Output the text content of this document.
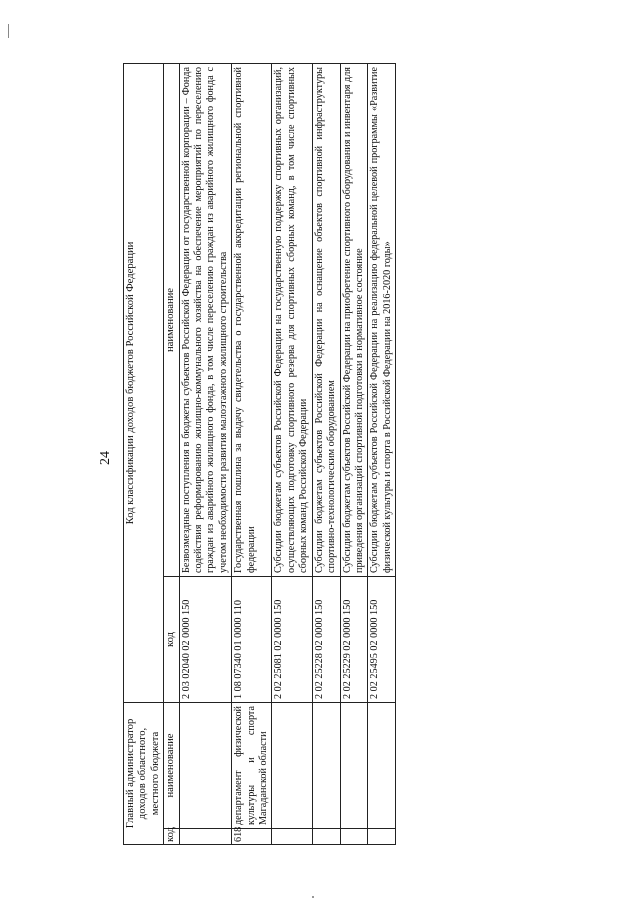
24
Главный администратор доходов областного, местного бюджета		Код классификации доходов бюджетов Российской Федерации	
код	наименование	код	наименование
		2 03 02040 02 0000 150	Безвозмездные поступления в бюджеты субъектов Российской Федерации от государственной корпорации – Фонда содействия реформированию жилищно-коммунального хозяйства на обеспечение мероприятий по переселению граждан из аварийного жилищного фонда, в том числе переселению граждан из аварийного жилищного фонда с учетом необходимости развития малоэтажного жилищного строительства
618	департамент физической культуры и спорта Магаданской области	1 08 07340 01 0000 110	Государственная пошлина за выдачу свидетельства о государственной аккредитации региональной спортивной федерации
		2 02 25081 02 0000 150	Субсидии бюджетам субъектов Российской Федерации на государственную поддержку спортивных организаций, осуществляющих подготовку спортивного резерва для спортивных сборных команд, в том числе спортивных сборных команд Российской Федерации
		2 02 25228 02 0000 150	Субсидии бюджетам субъектов Российской Федерации на оснащение объектов спортивной инфраструктуры спортивно-технологическим оборудованием
		2 02 25229 02 0000 150	Субсидии бюджетам субъектов Российской Федерации на приобретение спортивного оборудования и инвентаря для приведения организаций спортивной подготовки в нормативное состояние
		2 02 25495 02 0000 150	Субсидии бюджетам субъектов Российской Федерации на реализацию федеральной целевой программы «Развитие физической культуры и спорта в Российской Федерации на 2016-2020 годы»
